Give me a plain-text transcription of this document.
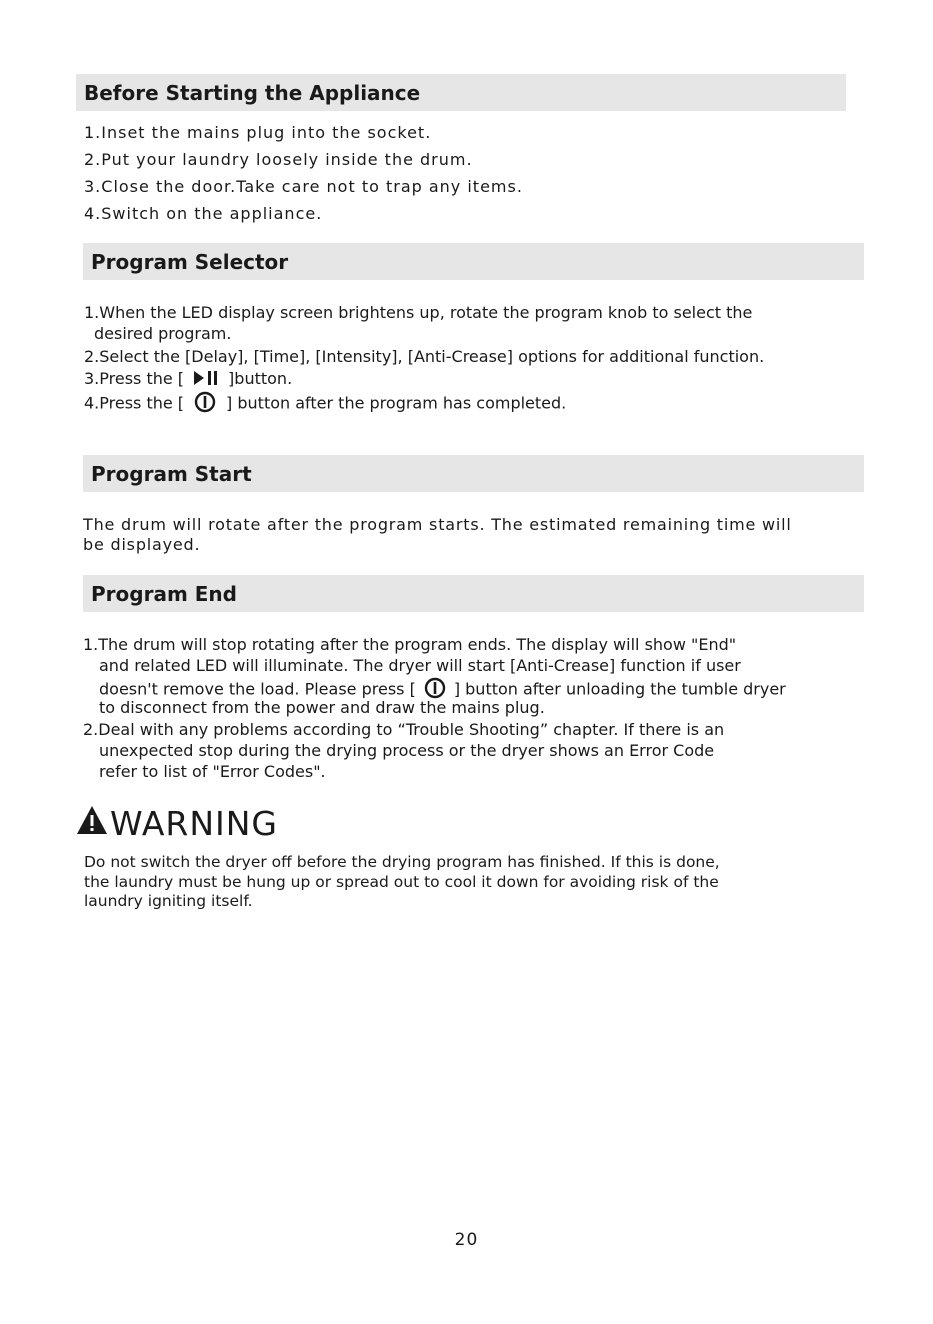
Before Starting the Appliance
1.Inset the mains plug into the socket.
2.Put your laundry loosely inside the drum.
3.Close the door.Take care not to trap any items.
4.Switch on the appliance.
Program Selector
1.When the LED display screen brightens up, rotate the program knob to select the
desired program.
2.Select the [Delay], [Time], [Intensity], [Anti-Crease] options for additional function.
3.Press the [	]button.
4.Press the [	] button after the program has completed.
Program Start
The drum will rotate after the program starts. The estimated remaining time will
be displayed.
Program End
1.The drum will stop rotating after the program ends. The display will show "End"
and related LED will illuminate. The dryer will start [Anti-Crease] function if user
doesn't remove the load. Please press [ ] button after unloading the tumble dryer
to disconnect from the power and draw the mains plug.
2.Deal with any problems according to “Trouble Shooting” chapter. If there is an
unexpected stop during the drying process or the dryer shows an Error Code
refer to list of "Error Codes".
WARNING
Do not switch the dryer off before the drying program has finished. If this is done,
the laundry must be hung up or spread out to cool it down for avoiding risk of the
laundry igniting itself.
20
